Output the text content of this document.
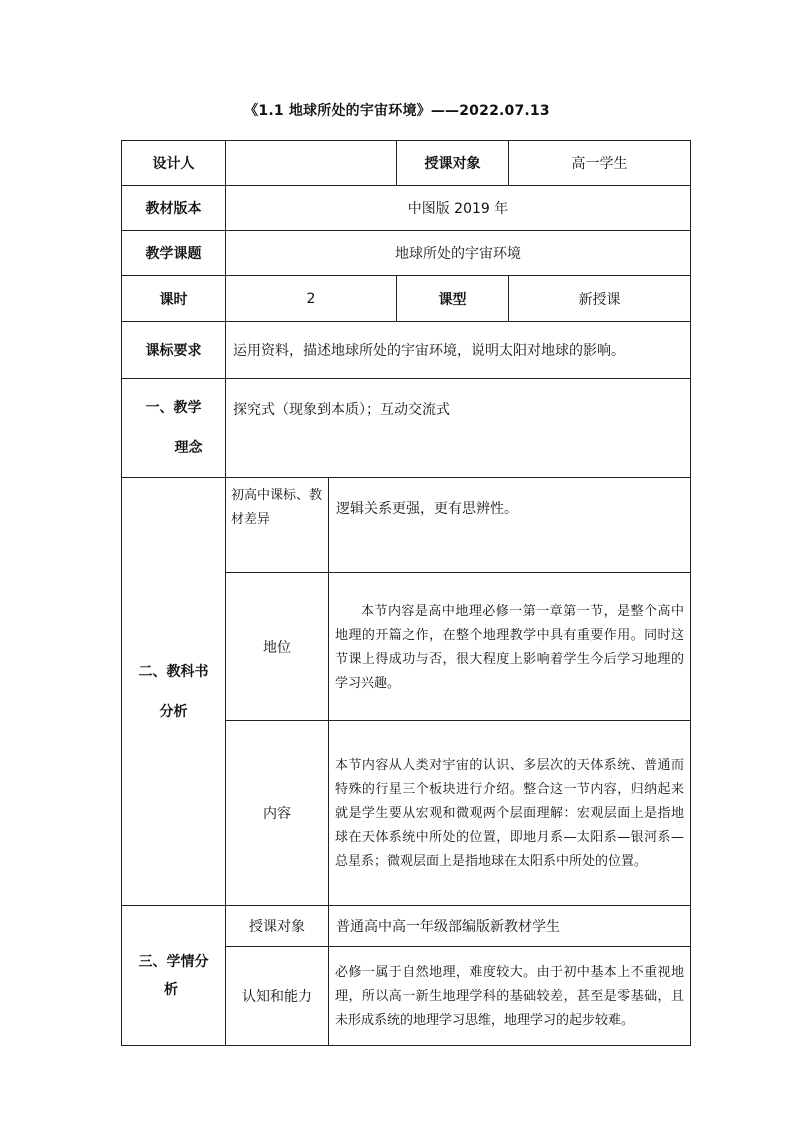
《1.1 地球所处的宇宙环境》——2022.07.13
设计人			授课对象	高一学生
教材版本	中图版 2019 年			
教学课题	地球所处的宇宙环境			
课时	2		课型	新授课
课标要求	运用资料，描述地球所处的宇宙环境，说明太阳对地球的影响。			

一、教学
理念	探究式（现象到本质）；互动交流式			

二、教科书
分析	初高中课标、教材差异	逻辑关系更强，更有思辨性。		
	地位	本节内容是高中地理必修一第一章第一节，是整个高中地理的开篇之作，在整个地理教学中具有重要作用。同时这节课上得成功与否，很大程度上影响着学生今后学习地理的学习兴趣。		
	内容	本节内容从人类对宇宙的认识、多层次的天体系统、普通而特殊的行星三个板块进行介绍。整合这一节内容，归纳起来就是学生要从宏观和微观两个层面理解：宏观层面上是指地球在天体系统中所处的位置，即地月系—太阳系—银河系—总星系；微观层面上是指地球在太阳系中所处的位置。		

三、学情分
析	授课对象	普通高中高一年级部编版新教材学生		
	认知和能力	必修一属于自然地理，难度较大。由于初中基本上不重视地理，所以高一新生地理学科的基础较差，甚至是零基础，且未形成系统的地理学习思维，地理学习的起步较难。		
